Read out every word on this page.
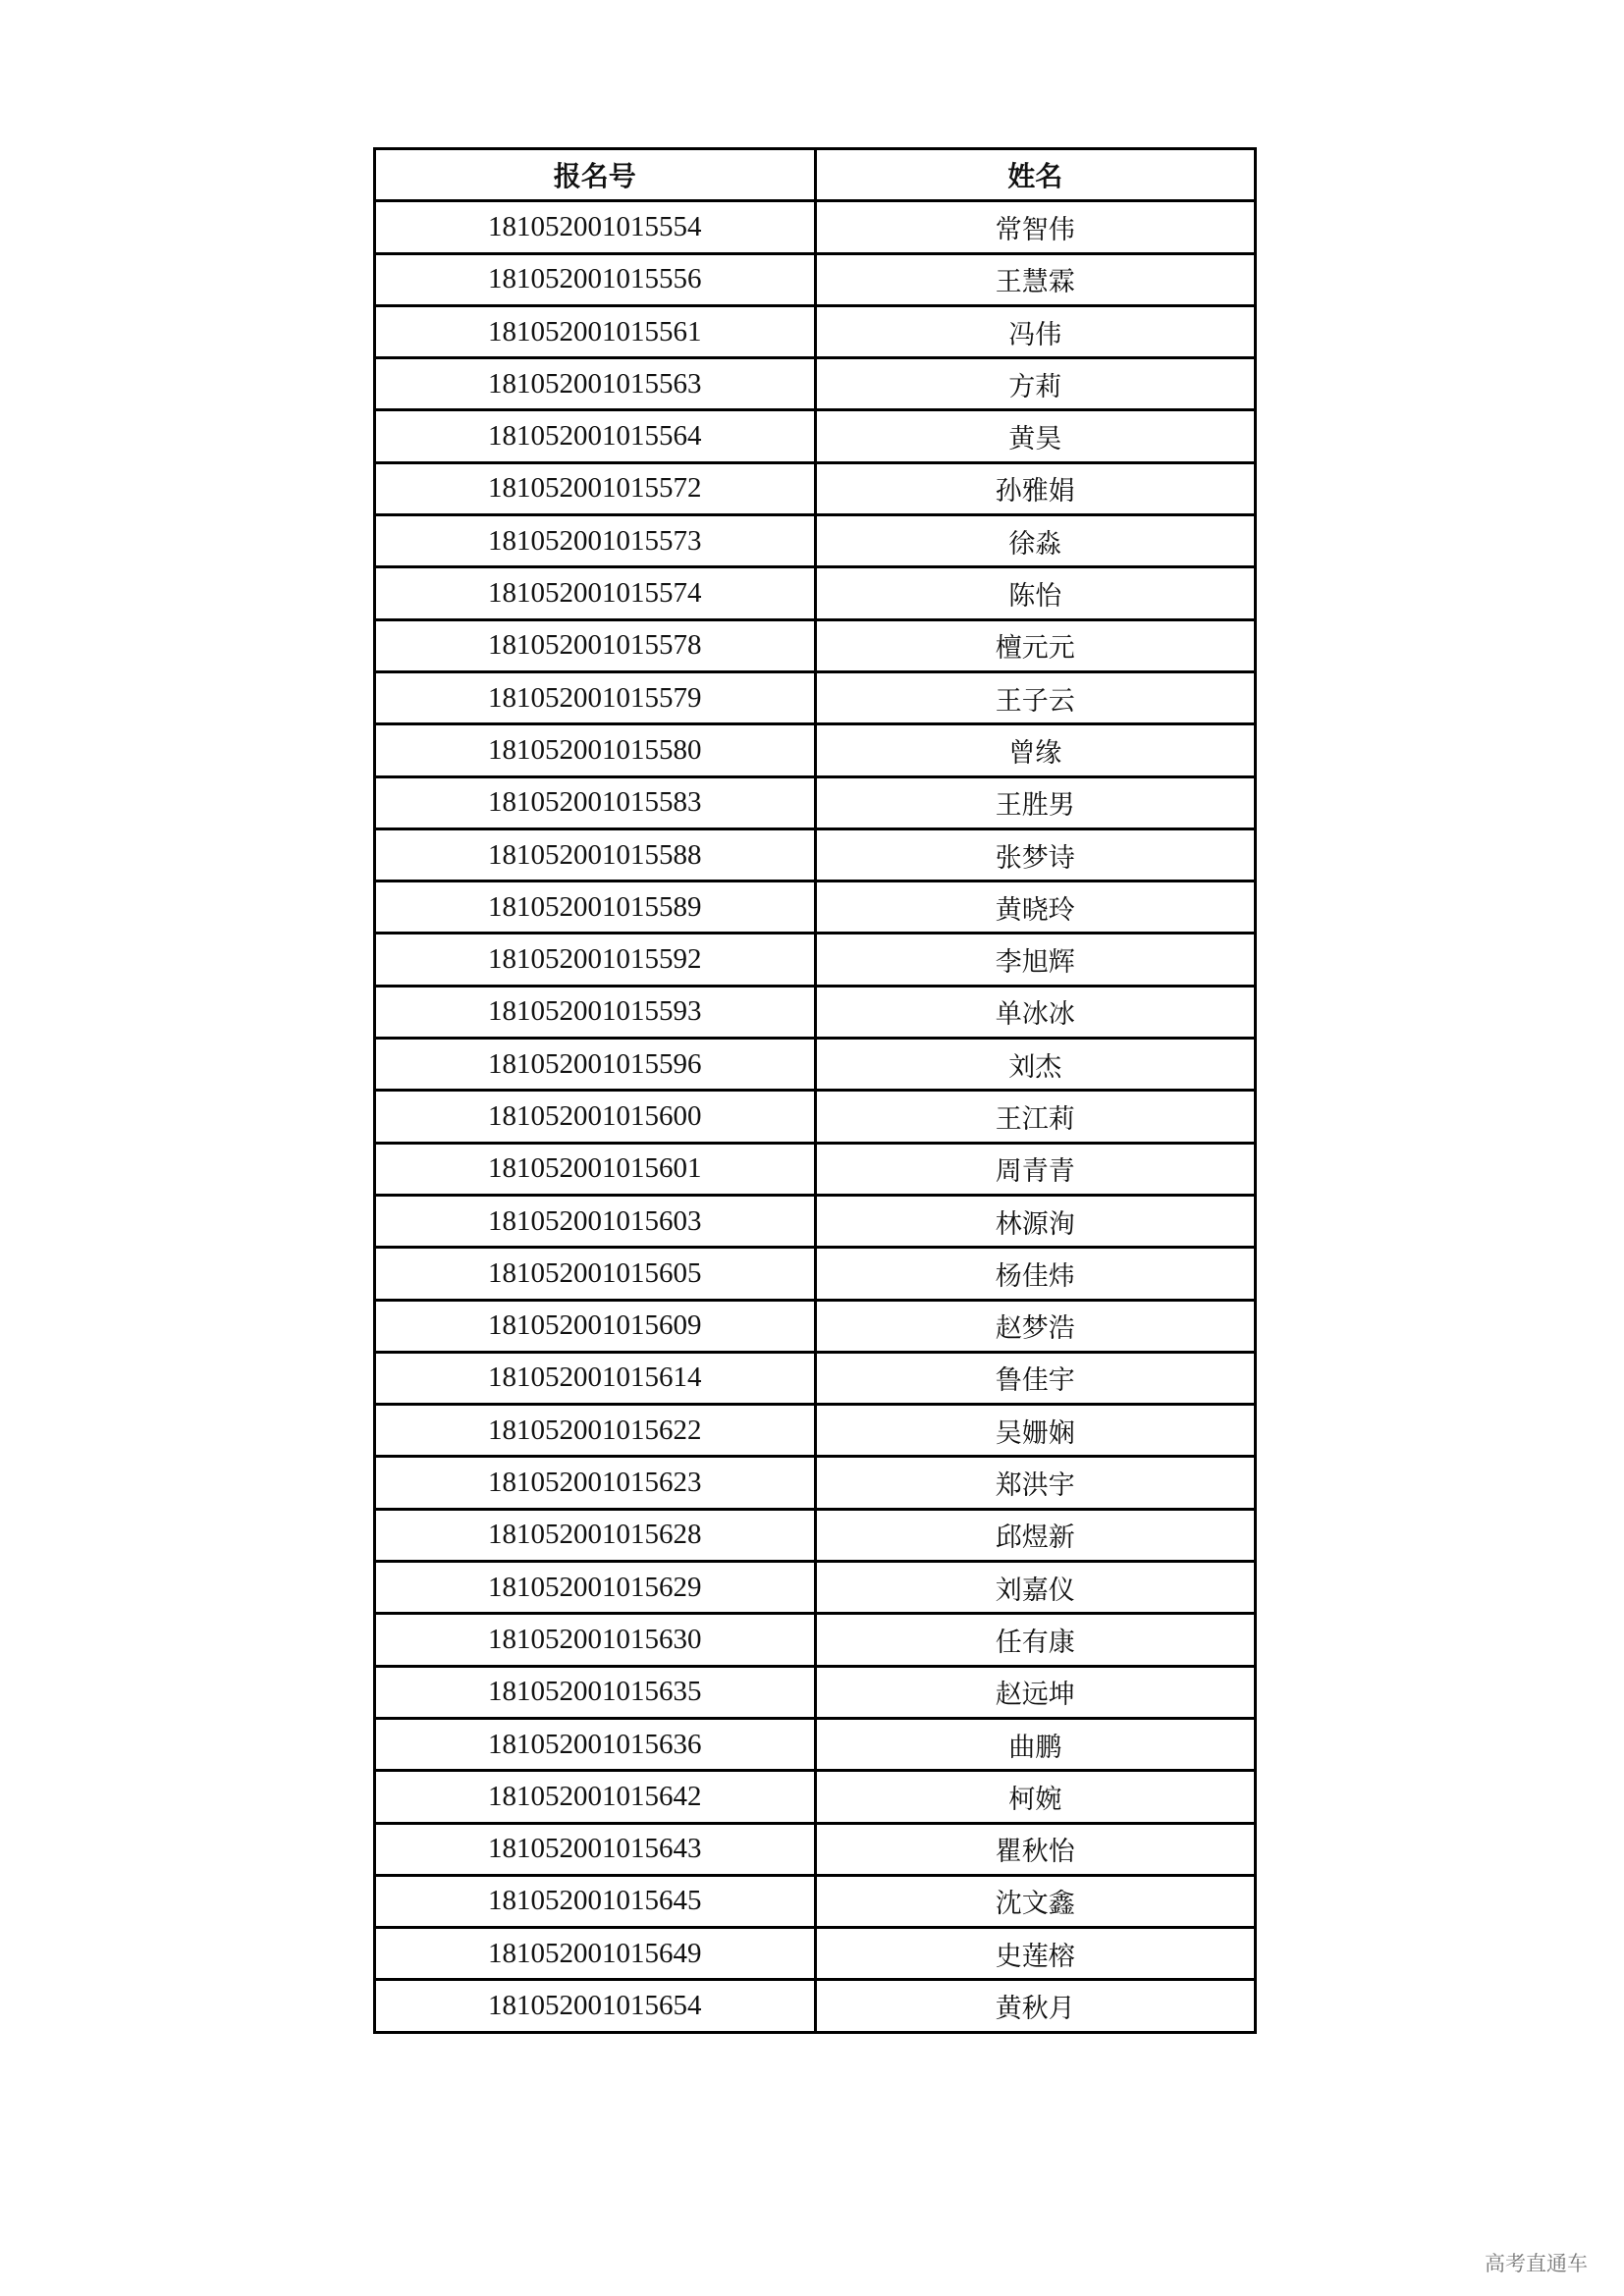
报名号	姓名
181052001015554	常智伟
181052001015556	王慧霖
181052001015561	冯伟
181052001015563	方莉
181052001015564	黄昊
181052001015572	孙雅娟
181052001015573	徐淼
181052001015574	陈怡
181052001015578	檀元元
181052001015579	王子云
181052001015580	曾缘
181052001015583	王胜男
181052001015588	张梦诗
181052001015589	黄晓玲
181052001015592	李旭辉
181052001015593	单冰冰
181052001015596	刘杰
181052001015600	王江莉
181052001015601	周青青
181052001015603	林源洵
181052001015605	杨佳炜
181052001015609	赵梦浩
181052001015614	鲁佳宇
181052001015622	吴姗娴
181052001015623	郑洪宇
181052001015628	邱煜新
181052001015629	刘嘉仪
181052001015630	任有康
181052001015635	赵远坤
181052001015636	曲鹏
181052001015642	柯婉
181052001015643	瞿秋怡
181052001015645	沈文鑫
181052001015649	史莲榕
181052001015654	黄秋月
高考直通车
